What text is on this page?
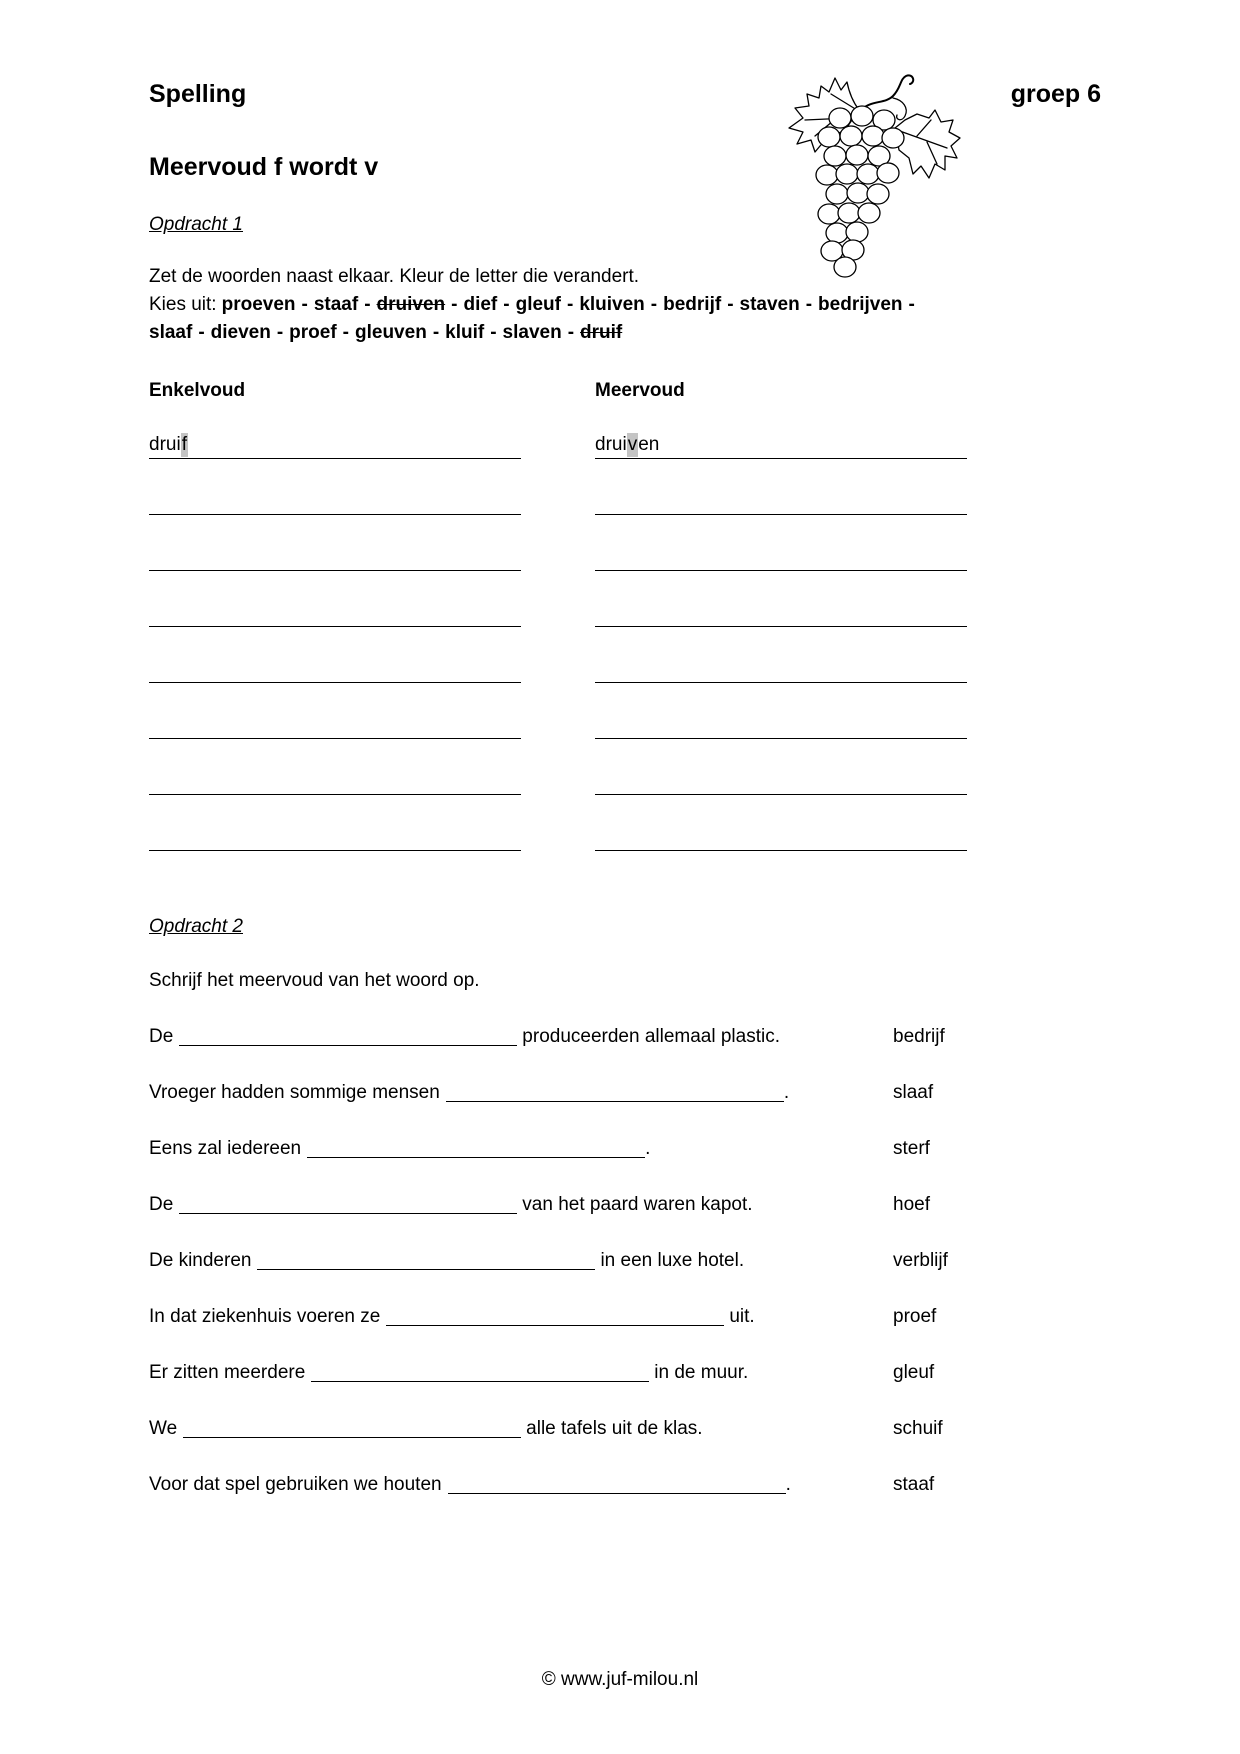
Spelling	groep 6
Meervoud f wordt v
Opdracht 1
Zet de woorden naast elkaar. Kleur de letter die verandert.
Kies uit: proeven - staaf - druiven - dief - gleuf - kluiven - bedrijf - staven - bedrijven -
slaaf - dieven - proef - gleuven - kluif - slaven - druif
Enkelvoud	Meervoud
drui f	drui v en
Opdracht 2
Schrijf het meervoud van het woord op.
De	produceerden allemaal plastic.	bedrijf
Vroeger hadden sommige mensen	.	slaaf
Eens zal iedereen	.	sterf
De	van het paard waren kapot.	hoef
De kinderen	in een luxe hotel.	verblijf
In dat ziekenhuis voeren ze	uit.	proef
Er zitten meerdere	in de muur.	gleuf
We	alle tafels uit de klas.	schuif
Voor dat spel gebruiken we houten	.	staaf
© www.juf-milou.nl
